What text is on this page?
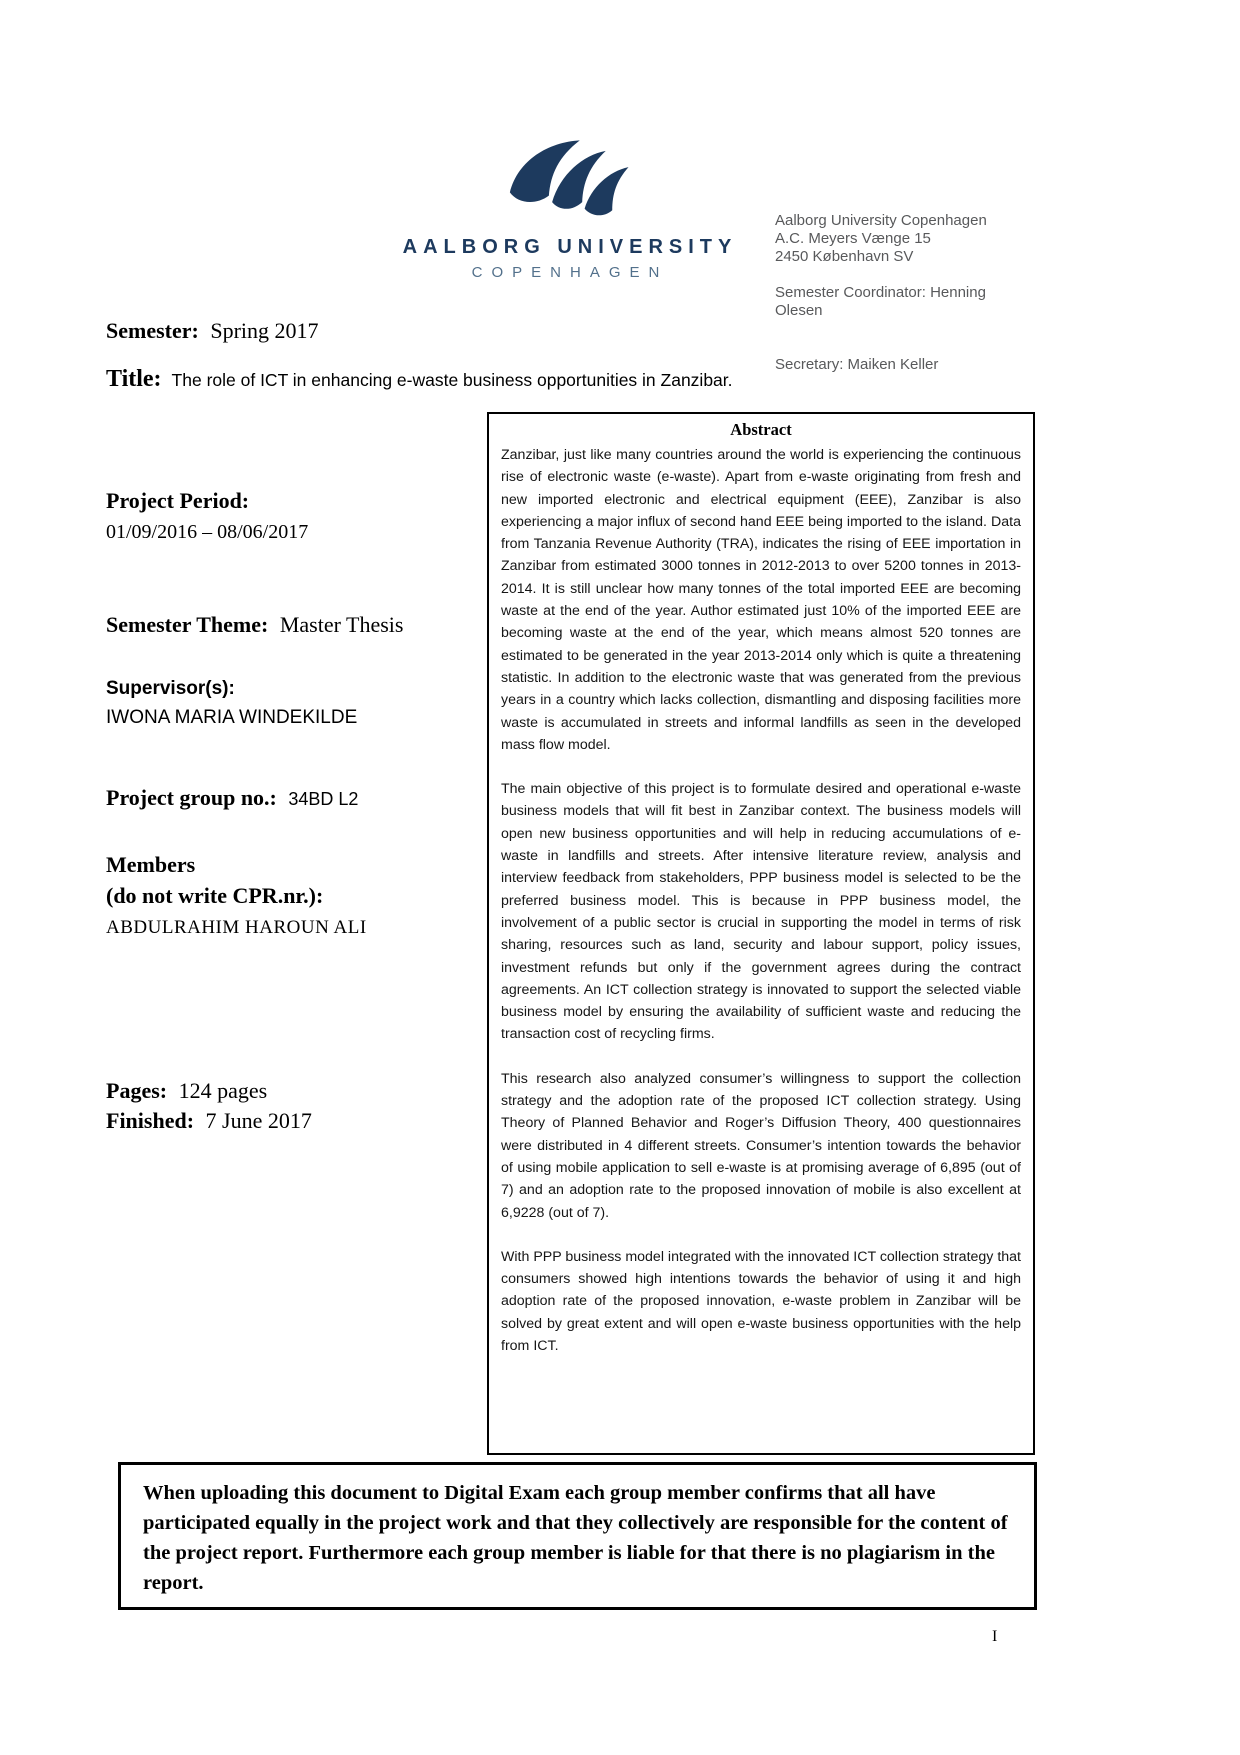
AALBORG UNIVERSITY
COPENHAGEN

Aalborg University Copenhagen

A.C. Meyers Vænge 15

2450 København SV

Semester Coordinator: Henning Olesen

Secretary: Maiken Keller

Semester: Spring 2017
Title: The role of ICT in enhancing e-waste business opportunities in Zanzibar.
Project Period:
01/09/2016 – 08/06/2017
Semester Theme: Master Thesis
Supervisor(s):
IWONA MARIA WINDEKILDE
Project group no.: 34BD L2
Members
(do not write CPR.nr.):
ABDULRAHIM HAROUN ALI
Pages: 124 pages
Finished: 7 June 2017
Abstract

Zanzibar, just like many countries around the world is experiencing the continuous rise of electronic waste (e-waste). Apart from e-waste originating from fresh and new imported electronic and electrical equipment (EEE), Zanzibar is also experiencing a major influx of second hand EEE being imported to the island. Data from Tanzania Revenue Authority (TRA), indicates the rising of EEE importation in Zanzibar from estimated 3000 tonnes in 2012-2013 to over 5200 tonnes in 2013-2014. It is still unclear how many tonnes of the total imported EEE are becoming waste at the end of the year. Author estimated just 10% of the imported EEE are becoming waste at the end of the year, which means almost 520 tonnes are estimated to be generated in the year 2013-2014 only which is quite a threatening statistic. In addition to the electronic waste that was generated from the previous years in a country which lacks collection, dismantling and disposing facilities more waste is accumulated in streets and informal landfills as seen in the developed mass flow model.

The main objective of this project is to formulate desired and operational e-waste business models that will fit best in Zanzibar context. The business models will open new business opportunities and will help in reducing accumulations of e-waste in landfills and streets. After intensive literature review, analysis and interview feedback from stakeholders, PPP business model is selected to be the preferred business model. This is because in PPP business model, the involvement of a public sector is crucial in supporting the model in terms of risk sharing, resources such as land, security and labour support, policy issues, investment refunds but only if the government agrees during the contract agreements. An ICT collection strategy is innovated to support the selected viable business model by ensuring the availability of sufficient waste and reducing the transaction cost of recycling firms.

This research also analyzed consumer’s willingness to support the collection strategy and the adoption rate of the proposed ICT collection strategy. Using Theory of Planned Behavior and Roger’s Diffusion Theory, 400 questionnaires were distributed in 4 different streets. Consumer’s intention towards the behavior of using mobile application to sell e-waste is at promising average of 6,895 (out of 7) and an adoption rate to the proposed innovation of mobile is also excellent at 6,9228 (out of 7).

With PPP business model integrated with the innovated ICT collection strategy that consumers showed high intentions towards the behavior of using it and high adoption rate of the proposed innovation, e-waste problem in Zanzibar will be solved by great extent and will open e-waste business opportunities with the help from ICT.

When uploading this document to Digital Exam each group member confirms that all have participated equally in the project work and that they collectively are responsible for the content of the project report. Furthermore each group member is liable for that there is no plagiarism in the report.
I
